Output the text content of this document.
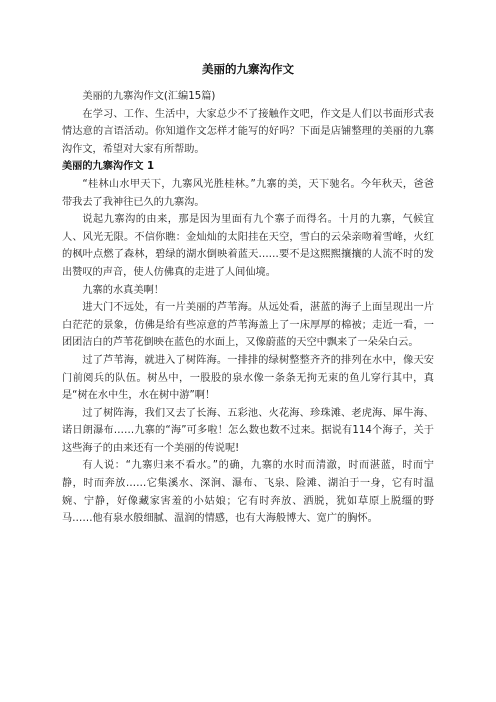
美丽的九寨沟作文

美丽的九寨沟作文(汇编15篇)

在学习、工作、生活中，大家总少不了接触作文吧，作文是人们以书面形式表情达意的言语活动。你知道作文怎样才能写的好吗？下面是店铺整理的美丽的九寨沟作文，希望对大家有所帮助。

美丽的九寨沟作文 1

“桂林山水甲天下，九寨风光胜桂林。”九寨的美，天下驰名。今年秋天，爸爸带我去了我神往已久的九寨沟。

说起九寨沟的由来，那是因为里面有九个寨子而得名。十月的九寨，气候宜人、风光无限。不信你瞧：金灿灿的太阳挂在天空，雪白的云朵亲吻着雪峰，火红的枫叶点燃了森林，碧绿的湖水倒映着蓝天……要不是这熙熙攘攘的人流不时的发出赞叹的声音，使人仿佛真的走进了人间仙境。

九寨的水真美啊！

进大门不远处，有一片美丽的芦苇海。从远处看，湛蓝的海子上面呈现出一片白茫茫的景象，仿佛是给有些凉意的芦苇海盖上了一床厚厚的棉被；走近一看，一团团洁白的芦苇花倒映在蓝色的水面上，又像蔚蓝的天空中飘来了一朵朵白云。

过了芦苇海，就进入了树阵海。一排排的绿树整整齐齐的排列在水中，像天安门前阅兵的队伍。树丛中，一股股的泉水像一条条无拘无束的鱼儿穿行其中，真是“树在水中生，水在树中游”啊！

过了树阵海，我们又去了长海、五彩池、火花海、珍珠滩、老虎海、犀牛海、诺日朗瀑布……九寨的“海”可多啦！怎么数也数不过来。据说有114个海子，关于这些海子的由来还有一个美丽的传说呢!

有人说：“九寨归来不看水。”的确，九寨的水时而清澈，时而湛蓝，时而宁静，时而奔放……它集溪水、深涧、瀑布、飞泉、险滩、湖泊于一身，它有时温婉、宁静，好像藏家害羞的小姑娘；它有时奔放、洒脱，犹如草原上脱缰的野马……他有泉水般细腻、温润的情感，也有大海般博大、宽广的胸怀。
